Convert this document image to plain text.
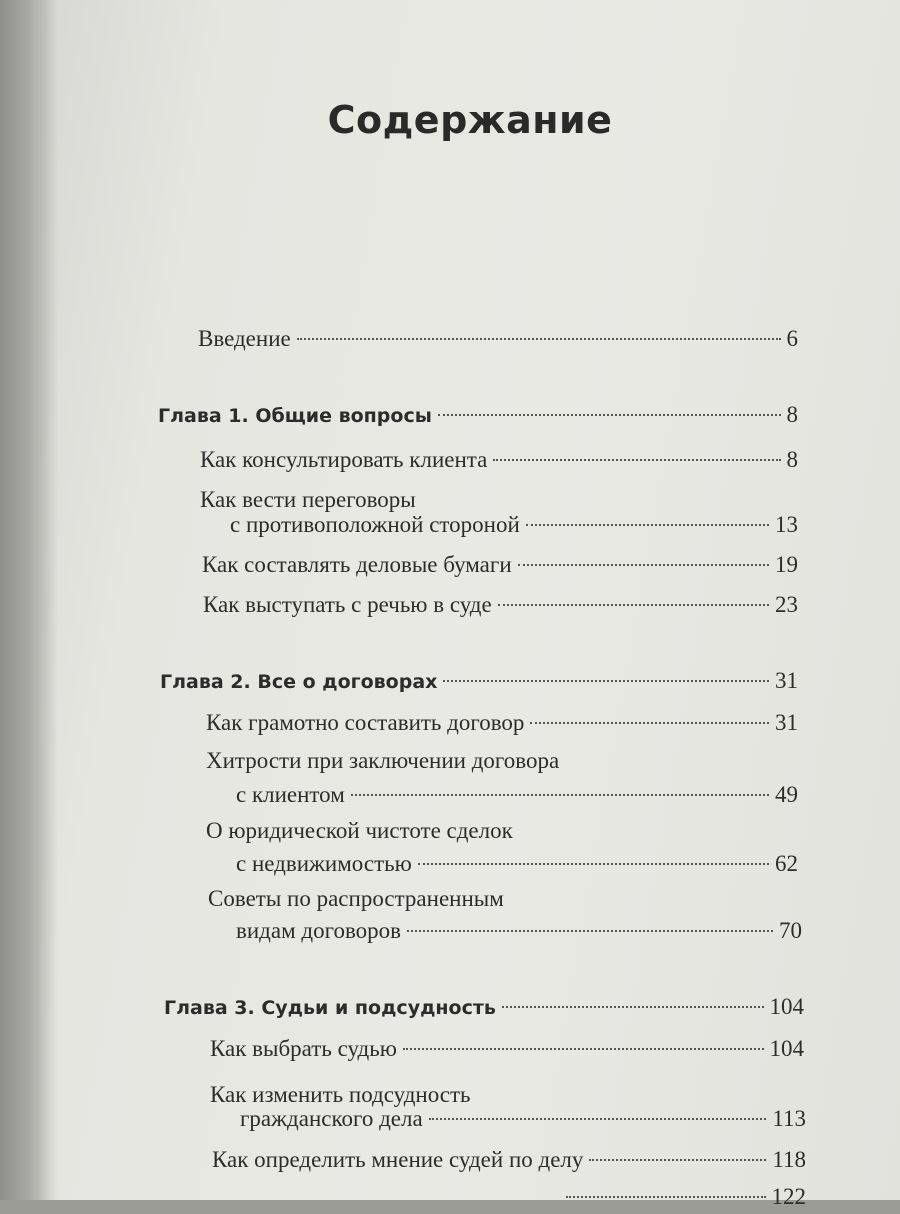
Содержание
Введение	6
Глава 1. Общие вопросы	8
Как консультировать клиента	8
Как вести переговоры
с противоположной стороной	13
Как составлять деловые бумаги	19
Как выступать с речью в суде	23
Глава 2. Все о договорах	31
Как грамотно составить договор	31
Хитрости при заключении договора
с клиентом	49
О юридической чистоте сделок
с недвижимостью	62
Советы по распространенным
видам договоров	70
Глава 3. Судьи и подсудность	104
Как выбрать судью	104
Как изменить подсудность
гражданского дела	113
Как определить мнение судей по делу	118
122
